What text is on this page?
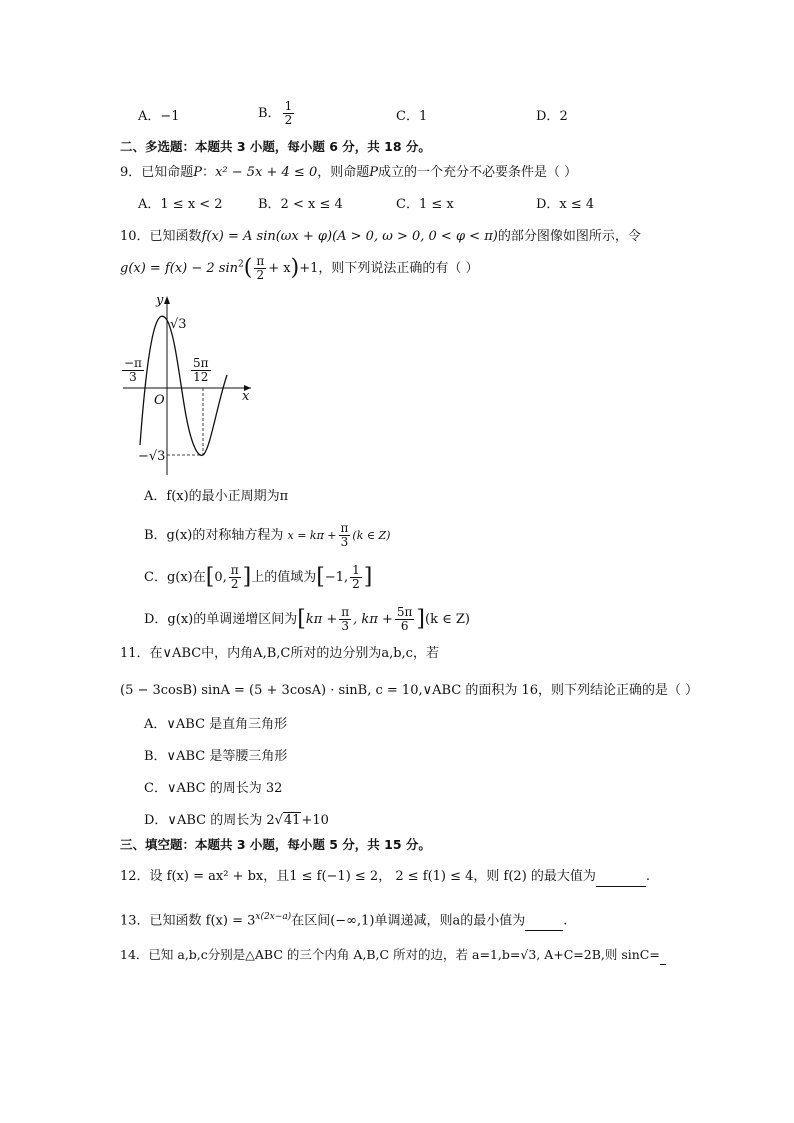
A．−1	B． $\frac{1}{2}$	C．1	D．2
二、多选题：本题共 3 小题，每小题 6 分，共 18 分。
9．已知命题P：x² − 5x + 4 ≤ 0，则命题P成立的一个充分不必要条件是（ ）
A．1 ≤ x < 2	B．2 < x ≤ 4	C．1 ≤ x	D．x ≤ 4
10．已知函数f(x) = A sin(ωx + φ)(A > 0, ω > 0, 0 < φ < π)的部分图像如图所示，令
g(x) = f(x) − 2 $\sin^2( \frac{\pi}{2} + x)+1$，则下列说法正确的有（ ）
y
√3
$\frac{-\pi}{3}$	$\frac{5\pi}{12}$
O	x
−√3
A．f(x)的最小正周期为π
B．g(x)的对称轴方程为 $x = k\pi + \frac{\pi}{3} (k$ ∈ Z)
C．g(x)在[0, $\frac{\pi}{2}$ ]上的值域为[−1, $\frac{1}{2}$ ]
D．g(x)的单调递增区间为[$k\pi + \frac{\pi}{3}$ , $k\pi + \frac{5\pi}{6} ](k$ ∈ Z)
11．在∨ABC中，内角A,B,C所对的边分别为a,b,c，若
(5 − 3cosB) sinA = (5 + 3cosA) · sinB, c = 10,∨ABC 的面积为 16，则下列结论正确的是（ ）
A．∨ABC 是直角三角形
B．∨ABC 是等腰三角形
C．∨ABC 的周长为 32
D．∨ABC 的周长为 2√41+10
三、填空题：本题共 3 小题，每小题 5 分，共 15 分。
12．设 f(x) = ax² + bx，且1 ≤ f(−1) ≤ 2， 2 ≤ f(1) ≤ 4，则 f(2) 的最大值为	.
13．已知函数 $f(x) = 3^{x(2x-a)}$在区间(−∞,1)单调递减，则a的最小值为	.
14．已知 a,b,c分别是△ABC 的三个内角 A,B,C 所对的边，若 a=1,b=√3, A+C=2B,则 sinC=
